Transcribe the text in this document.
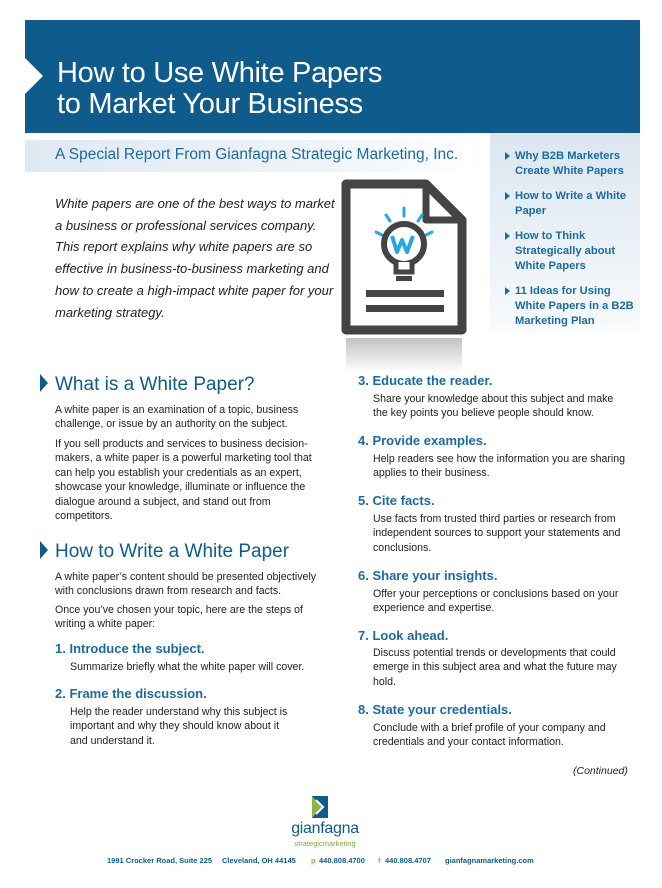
How to Use White Papers
to Market Your Business
A Special Report From Gianfagna Strategic Marketing, Inc.	Why B2B Marketers Create White Papers
How to Write a White Paper
How to Think Strategically about White Papers
11 Ideas for Using White Papers in a B2B Marketing Plan

White papers are one of the best ways to market a business or professional services company. This report explains why white papers are so effective in business-to-business marketing and how to create a high-impact white paper for your marketing strategy.

What is a White Paper?

A white paper is an examination of a topic, business challenge, or issue by an authority on the subject.

If you sell products and services to business decision-makers, a white paper is a powerful marketing tool that can help you establish your credentials as an expert, showcase your knowledge, illuminate or influence the dialogue around a subject, and stand out from competitors.

How to Write a White Paper

A white paper’s content should be presented objectively with conclusions drawn from research and facts.

Once you’ve chosen your topic, here are the steps of writing a white paper:

1. Introduce the subject.

Summarize briefly what the white paper will cover.

2. Frame the discussion.

Help the reader understand why this subject is important and why they should know about it and understand it.

3. Educate the reader.

Share your knowledge about this subject and make the key points you believe people should know.

4. Provide examples.

Help readers see how the information you are sharing applies to their business.

5. Cite facts.

Use facts from trusted third parties or research from independent sources to support your statements and conclusions.

6. Share your insights.

Offer your perceptions or conclusions based on your experience and expertise.

7. Look ahead.

Discuss potential trends or developments that could emerge in this subject area and what the future may hold.

8. State your credentials.

Conclude with a brief profile of your company and credentials and your contact information.

(Continued)
gianfagna
strategicmarketing
1991 Crocker Road, Suite 225 Cleveland, OH 44145 p 440.808.4700 f 440.808.4707 gianfagnamarketing.com
